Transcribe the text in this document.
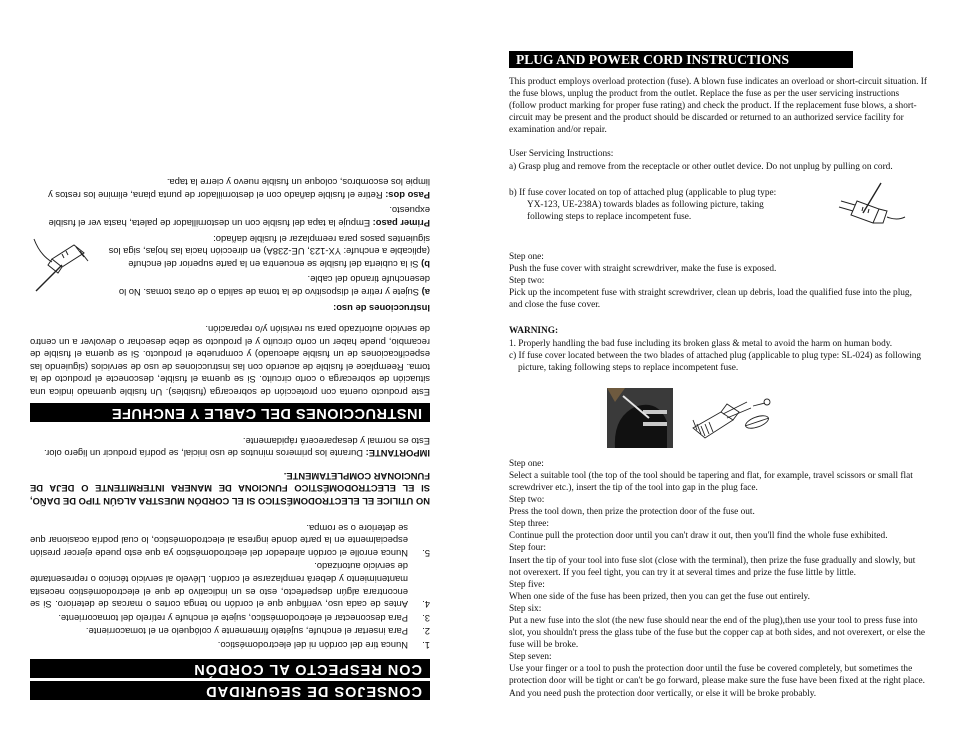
CONSEJOS DE SEGURIDAD
CON RESPECTO AL CORDÓN
1.
Nunca tire del cordón ni del electrodoméstico.
2.
Para insertar el enchufe, sujételo firmemente y colóquelo en el tomacorriente.
3.
Para desconectar el electrodoméstico, sujete el enchufe y retírelo del tomacorriente.
4.
Antes de cada uso, verifique que el cordón no tenga cortes o marcas de deterioro. Si se encontrara algún desperfecto, esto es un indicativo de que el electrodoméstico necesita mantenimiento y deberá remplazarse el cordón. Llévelo al servicio técnico o representante de servicio autorizado.
5.
Nunca enrolle el cordón alrededor del electrodoméstico ya que esto puede ejercer presión especialmente en la parte donde ingresa al electrodoméstico, lo cual podría ocasionar que se deteriore o se rompa.
NO UTILICE EL ELECTRODOMÉSTICO SI EL CORDÓN MUESTRA ALGÚN TIPO DE DAÑO, SI EL ELECTRODOMÉSTICO FUNCIONA DE MANERA INTERMITENTE O DEJA DE FUNCIONAR COMPLETAMENTE.
IMPORTANTE: Durante los primeros minutos de uso inicial, se podría producir un ligero olor. Esto es normal y desaparecerá rápidamente.
INSTRUCCIONES DEL CABLE Y ENCHUFE
Este producto cuenta con protección de sobrecarga (fusibles). Un fusible quemado indica una situación de sobrecarga o corto circuito. Si se quema el fusible, desconecte el producto de la toma. Reemplace el fusible de acuerdo con las instrucciones de uso de servicios (siguiendo las especificaciones de un fusible adecuado) y compruebe el producto. Si se quema el fusible de recambio, puede haber un corto circuito y el producto se debe desechar o devolver a un centro de servicio autorizado para su revisión y/o reparación.
Instrucciones de uso:
a) Sujete y retire el dispositivo de la toma de salida o de otras tomas. No lo desenchufe tirando del cable.
b) Si la cubierta del fusible se encuentra en la parte superior del enchufe (aplicable a enchufe: YX-123, UE-238A) en dirección hacia las hojas, siga los siguientes pasos para reemplazar el fusible dañado:
Primer paso: Empuje la tapa del fusible con un destornillador de paleta, hasta ver el fusible expuesto.
Paso dos: Retire el fusible dañado con el destornillador de punta plana, elimine los restos y limpie los escombros, coloque un fusible nuevo y cierre la tapa.
PLUG AND POWER CORD INSTRUCTIONS
This product employs overload protection (fuse). A blown fuse indicates an overload or short-circuit situation. If the fuse blows, unplug the product from the outlet. Replace the fuse as per the user servicing instructions (follow product marking for proper fuse rating) and check the product. If the replacement fuse blows, a short-circuit may be present and the product should be discarded or returned to an authorized service facility for examination and/or repair.
User Servicing Instructions:
a) Grasp plug and remove from the receptacle or other outlet device. Do not unplug by pulling on cord.
b) If fuse cover located on top of attached plug (applicable to plug type:
YX-123, UE-238A) towards blades as following picture, taking
following steps to replace incompetent fuse.
Step one:
Push the fuse cover with straight screwdriver, make the fuse is exposed.
Step two:
Pick up the incompetent fuse with straight screwdriver, clean up debris, load the qualified fuse into the plug, and close the fuse cover.
WARNING:
1. Properly handling the bad fuse including its broken glass & metal to avoid the harm on human body.
c) If fuse cover located between the two blades of attached plug (applicable to plug type: SL-024) as following picture, taking following steps to replace incompetent fuse.
Step one:
Select a suitable tool (the top of the tool should be tapering and flat, for example, travel scissors or small flat screwdriver etc.), insert the tip of the tool into gap in the plug face.
Step two:
Press the tool down, then prize the protection door of the fuse out.
Step three:
Continue pull the protection door until you can't draw it out, then you'll find the whole fuse exhibited.
Step four:
Insert the tip of your tool into fuse slot (close with the terminal), then prize the fuse gradually and slowly, but not overexert. If you feel tight, you can try it at several times and prize the fuse little by little.
Step five:
When one side of the fuse has been prized, then you can get the fuse out entirely.
Step six:
Put a new fuse into the slot (the new fuse should near the end of the plug),then use your tool to press fuse into slot, you shouldn't press the glass tube of the fuse but the copper cap at both sides, and not overexert, or else the fuse will be broke.
Step seven:
Use your finger or a tool to push the protection door until the fuse be covered completely, but sometimes the protection door will be tight or can't be go forward, please make sure the fuse have been fixed at the right place. And you need push the protection door vertically, or else it will be broke probably.
